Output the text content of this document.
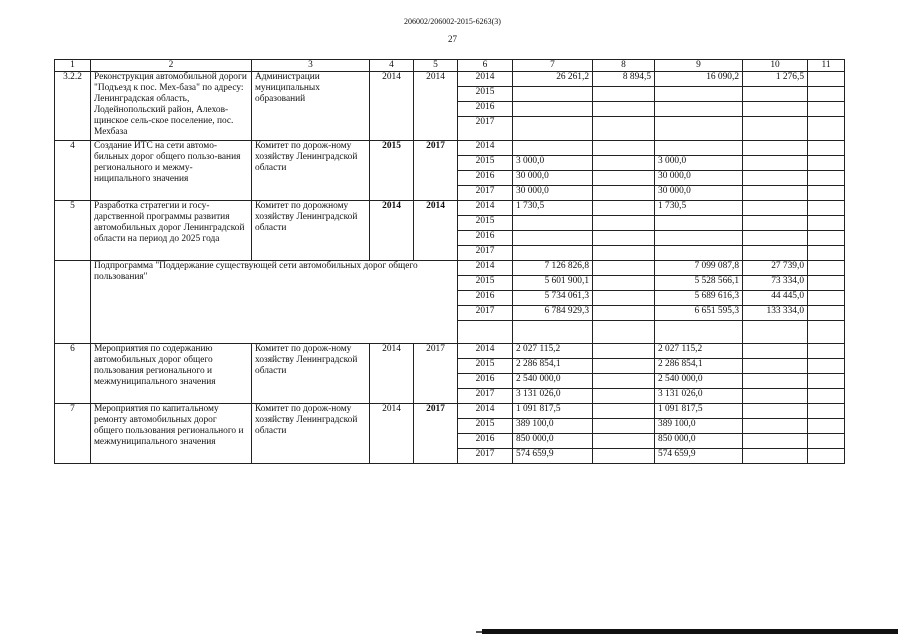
206002/206002-2015-6263(3)
27
1	2	3	4	5	6	7	8	9	10	11
3.2.2	Реконструкция автомобильной дороги "Подъезд к пос. Мех-база" по адресу: Ленинградская область, Лодейнопольский район, Алеховщинское сель-ское поселение, пос. Мехбаза	Администрации муниципальных образований	2014	2014	2014	26 261,2	8 894,5	16 090,2	1 276,5	
					2015					
					2016					
					2017					
4	Создание ИТС на сети автомо-бильных дорог общего пользо-вания регионального и межму-ниципального значения	Комитет по дорож-ному хозяйству Ленинградской области	2015	2017	2014					
					2015	3 000,0		3 000,0		
					2016	30 000,0		30 000,0		
					2017	30 000,0		30 000,0		
5	Разработка стратегии и госу-дарственной программы развития автомобильных дорог Ленинградской области на период до 2025 года	Комитет по дорожному хозяйству Ленинградской области	2014	2014	2014	1 730,5		1 730,5		
					2015					
					2016					
					2017					
	Подпрограмма "Поддержание существующей сети автомобильных дорог общего пользования"				2014	7 126 826,8		7 099 087,8	27 739,0	
					2015	5 601 900,1		5 528 566,1	73 334,0	
					2016	5 734 061,3		5 689 616,3	44 445,0	
					2017	6 784 929,3		6 651 595,3	133 334,0	

6	Мероприятия по содержанию автомобильных дорог общего пользования регионального и межмуниципального значения	Комитет по дорож-ному хозяйству Ленинградской области	2014	2017	2014	2 027 115,2		2 027 115,2		
					2015	2 286 854,1		2 286 854,1		
					2016	2 540 000,0		2 540 000,0		
					2017	3 131 026,0		3 131 026,0		
7	Мероприятия по капитальному ремонту автомобильных дорог общего пользования регионального и межмуниципального значения	Комитет по дорож-ному хозяйству Ленинградской области	2014	2017	2014	1 091 817,5		1 091 817,5		
					2015	389 100,0		389 100,0		
					2016	850 000,0		850 000,0		
					2017	574 659,9		574 659,9		
